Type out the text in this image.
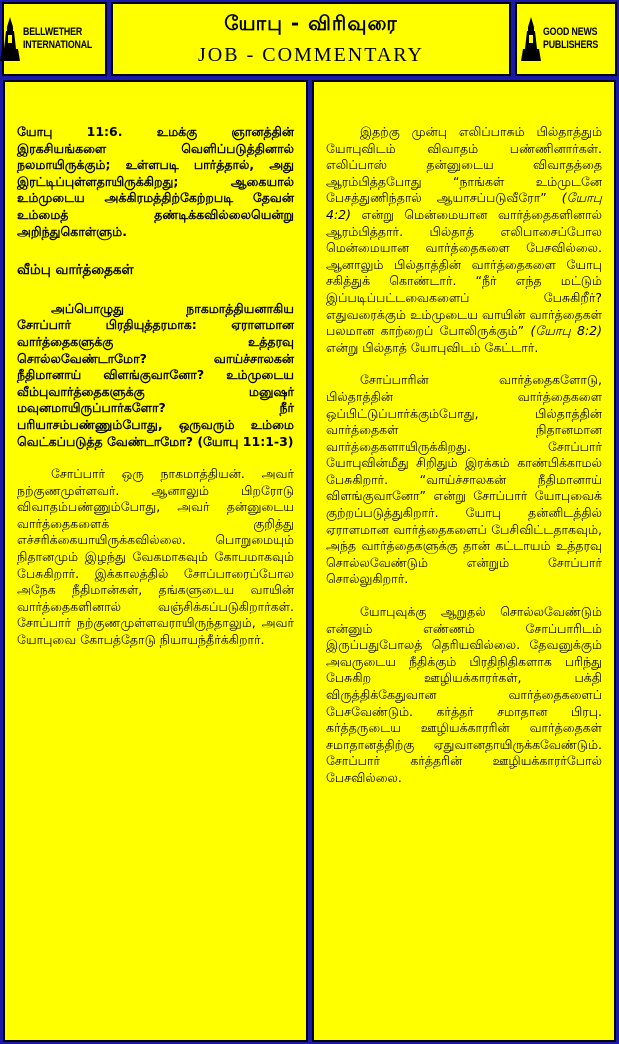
BELLWETHER
INTERNATIONAL
யோபு - விரிவுரை
JOB - COMMENTARY
GOOD NEWS
PUBLISHERS

யோபு 11:6. உமக்கு ஞானத்தின் இரகசியங்களை வெளிப்படுத்தினால் நலமாயிருக்கும்; உள்ளபடி பார்த்தால், அது இரட்டிப்புள்ளதாயிருக்கிறது; ஆகையால் உம்முடைய அக்கிரமத்திற்கேற்றபடி தேவன் உம்மைத் தண்டிக்கவில்லையென்று அறிந்துகொள்ளும்.

வீம்பு வார்த்தைகள்

அப்பொழுது நாகமாத்தியனாகிய சோப்பார் பிரதியுத்தரமாக: ஏராளமான வார்த்தைகளுக்கு உத்தரவு சொல்லவேண்டாமோ? வாய்ச்சாலகன் நீதிமானாய் விளங்குவானோ? உம்முடைய வீம்புவார்த்தைகளுக்கு மனுஷர் மவுனமாயிருப்பார்களோ? நீர் பரியாசம்பண்ணும்போது, ஒருவரும் உம்மை வெட்கப்படுத்த வேண்டாமோ? (யோபு 11:1-3)

சோப்பார் ஒரு நாகமாத்தியன். அவர் நற்குணமுள்ளவர். ஆனாலும் பிறரோடு விவாதம்பண்ணும்போது, அவர் தன்னுடைய வார்த்தைகளைக் குறித்து எச்சரிக்கையாயிருக்கவில்லை. பொறுமையும் நிதானமும் இழந்து வேகமாகவும் கோபமாகவும் பேசுகிறார். இக்காலத்தில் சோப்பாரைப்போல அநேக நீதிமான்கள், தங்களுடைய வாயின் வார்த்தைகளினால் வஞ்சிக்கப்படுகிறார்கள். சோப்பார் நற்குணமுள்ளவராயிருந்தாலும், அவர் யோபுவை கோபத்தோடு நியாயந்தீர்க்கிறார்.

இதற்கு முன்பு எலிப்பாசும் பில்தாத்தும் யோபுவிடம் விவாதம் பண்ணினார்கள். எலிப்பாஸ் தன்னுடைய விவாதத்தை ஆரம்பித்தபோது “நாங்கள் உம்முடனே பேசத்துணிந்தால் ஆயாசப்படுவீரோ” (யோபு 4:2) என்று மென்மையான வார்த்தைகளினால் ஆரம்பித்தார். பில்தாத் எலிபாசைப்போல மென்மையான வார்த்தைகளை பேசவில்லை. ஆனாலும் பில்தாத்தின் வார்த்தைகளை யோபு சகித்துக் கொண்டார். “நீர் எந்த மட்டும் இப்படிப்பட்டவைகளைப் பேசுகிறீர்? எதுவரைக்கும் உம்முடைய வாயின் வார்த்தைகள் பலமான காற்றைப் போலிருக்கும்” (யோபு 8:2) என்று பில்தாத் யோபுவிடம் கேட்டார்.

சோப்பாரின் வார்த்தைகளோடு, பில்தாத்தின் வார்த்தைகளை ஒப்பிட்டுப்பார்க்கும்போது, பில்தாத்தின் வார்த்தைகள் நிதானமான வார்த்தைகளாயிருக்கிறது. சோப்பார் யோபுவின்மீது சிறிதும் இரக்கம் காண்பிக்காமல் பேசுகிறார். “வாய்ச்சாலகன் நீதிமானாய் விளங்குவானோ” என்று சோப்பார் யோபுவைக் குற்றப்படுத்துகிறார். யோபு தன்னிடத்தில் ஏராளமான வார்த்தைகளைப் பேசிவிட்டதாகவும், அந்த வார்த்தைகளுக்கு தான் கட்டாயம் உத்தரவு சொல்லவேண்டும் என்றும் சோப்பார் சொல்லுகிறார்.

யோபுவுக்கு ஆறுதல் சொல்லவேண்டும் என்னும் எண்ணம் சோப்பாரிடம் இருப்பதுபோலத் தெரியவில்லை. தேவனுக்கும் அவருடைய நீதிக்கும் பிரதிநிதிகளாக பரிந்து பேசுகிற ஊழியக்காரர்கள், பக்தி விருத்திக்கேதுவான வார்த்தைகளைப் பேசவேண்டும். கர்த்தர் சமாதான பிரபு. கர்த்தருடைய ஊழியக்காரரின் வார்த்தைகள் சமாதானத்திற்கு ஏதுவானதாயிருக்கவேண்டும். சோப்பார் கர்த்தரின் ஊழியக்காரர்போல் பேசவில்லை.
